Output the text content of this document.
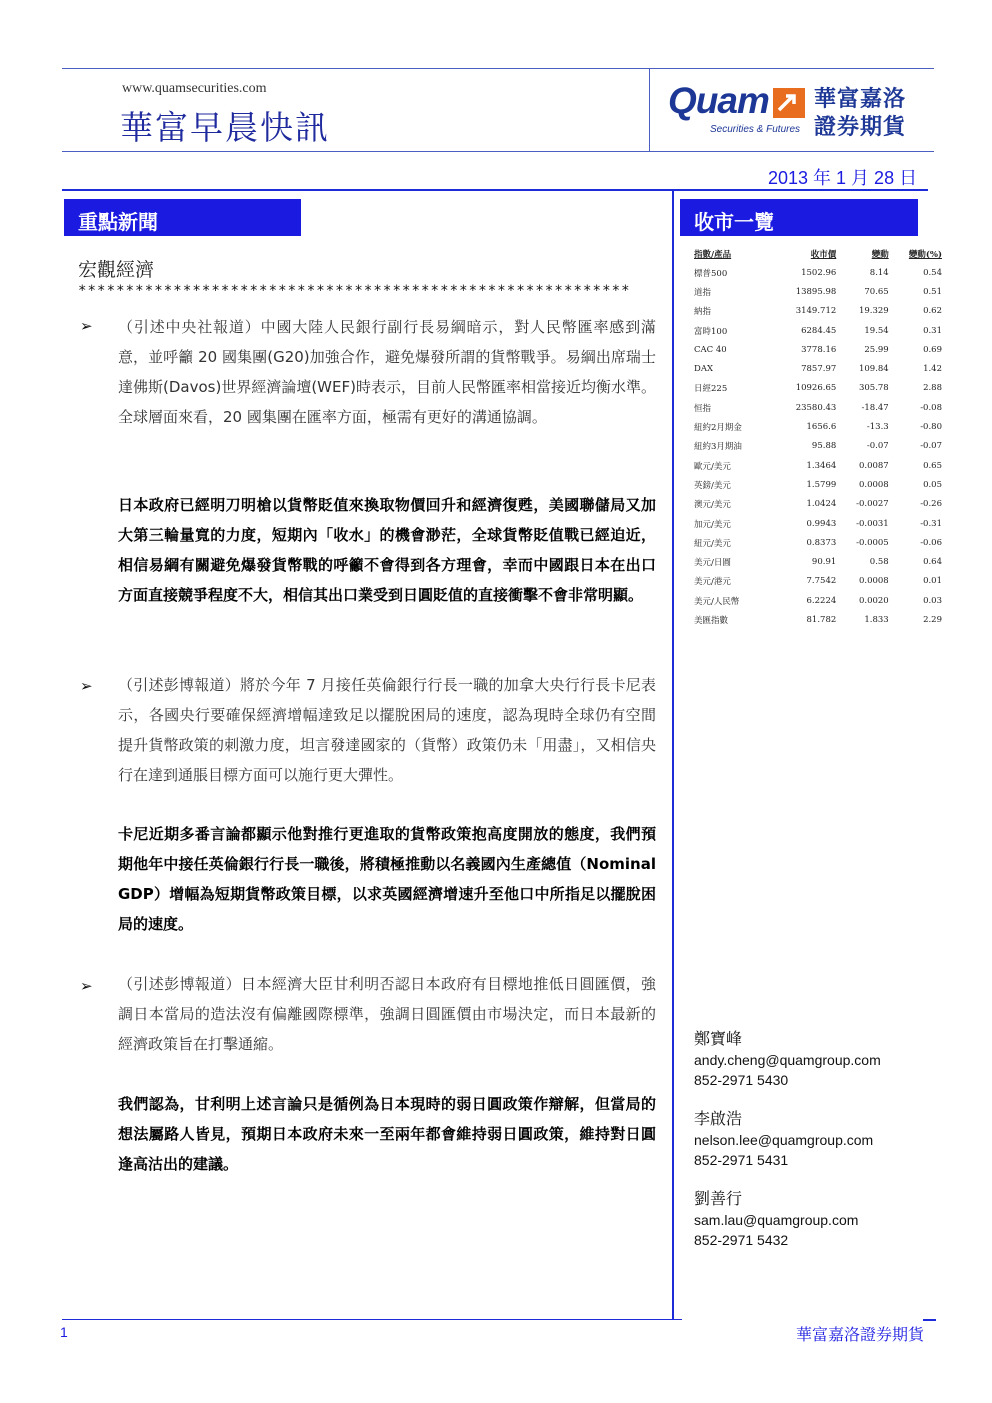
www.quamsecurities.com
華富早晨快訊
Quam 華富嘉洛
證券期貨
Securities & Futures
2013 年 1 月 28 日
重點新聞
宏觀經濟
**********************************************************
➢ （引述中央社報道）中國大陸人民銀行副行長易綱暗示，對人民幣匯率感到滿意，並呼籲 20 國集團(G20)加強合作，避免爆發所謂的貨幣戰爭。易綱出席瑞士達佛斯(Davos)世界經濟論壇(WEF)時表示，目前人民幣匯率相當接近均衡水準。全球層面來看，20 國集團在匯率方面，極需有更好的溝通協調。
日本政府已經明刀明槍以貨幣貶值來換取物價回升和經濟復甦，美國聯儲局又加大第三輪量寬的力度，短期內「收水」的機會渺茫，全球貨幣貶值戰已經迫近，相信易綱有關避免爆發貨幣戰的呼籲不會得到各方理會，幸而中國跟日本在出口方面直接競爭程度不大，相信其出口業受到日圓貶值的直接衝擊不會非常明顯。
➢ （引述彭博報道）將於今年 7 月接任英倫銀行行長一職的加拿大央行行長卡尼表示，各國央行要確保經濟增幅達致足以擺脫困局的速度，認為現時全球仍有空間提升貨幣政策的刺激力度，坦言發達國家的（貨幣）政策仍未「用盡」，又相信央行在達到通脹目標方面可以施行更大彈性。
卡尼近期多番言論都顯示他對推行更進取的貨幣政策抱高度開放的態度，我們預期他年中接任英倫銀行行長一職後，將積極推動以名義國內生產總值（Nominal GDP）增幅為短期貨幣政策目標，以求英國經濟增速升至他口中所指足以擺脫困局的速度。
➢ （引述彭博報道）日本經濟大臣甘利明否認日本政府有目標地推低日圓匯價，強調日本當局的造法沒有偏離國際標準，強調日圓匯價由市場決定，而日本最新的經濟政策旨在打擊通縮。
我們認為，甘利明上述言論只是循例為日本現時的弱日圓政策作辯解，但當局的想法屬路人皆見，預期日本政府未來一至兩年都會維持弱日圓政策，維持對日圓逢高沽出的建議。
收市一覽
指數/產品	收市價	變動	變動(%)
標普500	1502.96	8.14	0.54
道指	13895.98	70.65	0.51
納指	3149.712	19.329	0.62
富時100	6284.45	19.54	0.31
CAC 40	3778.16	25.99	0.69
DAX	7857.97	109.84	1.42
日經225	10926.65	305.78	2.88
恒指	23580.43	-18.47	-0.08
紐約2月期金	1656.6	-13.3	-0.80
紐約3月期油	95.88	-0.07	-0.07
歐元/美元	1.3464	0.0087	0.65
英鎊/美元	1.5799	0.0008	0.05
澳元/美元	1.0424	-0.0027	-0.26
加元/美元	0.9943	-0.0031	-0.31
紐元/美元	0.8373	-0.0005	-0.06
美元/日圓	90.91	0.58	0.64
美元/港元	7.7542	0.0008	0.01
美元/人民幣	6.2224	0.0020	0.03
美匯指數	81.782	1.833	2.29
鄭寶峰
andy.cheng@quamgroup.com
852-2971 5430
李啟浩
nelson.lee@quamgroup.com
852-2971 5431
劉善行
sam.lau@quamgroup.com
852-2971 5432
1	華富嘉洛證券期貨
